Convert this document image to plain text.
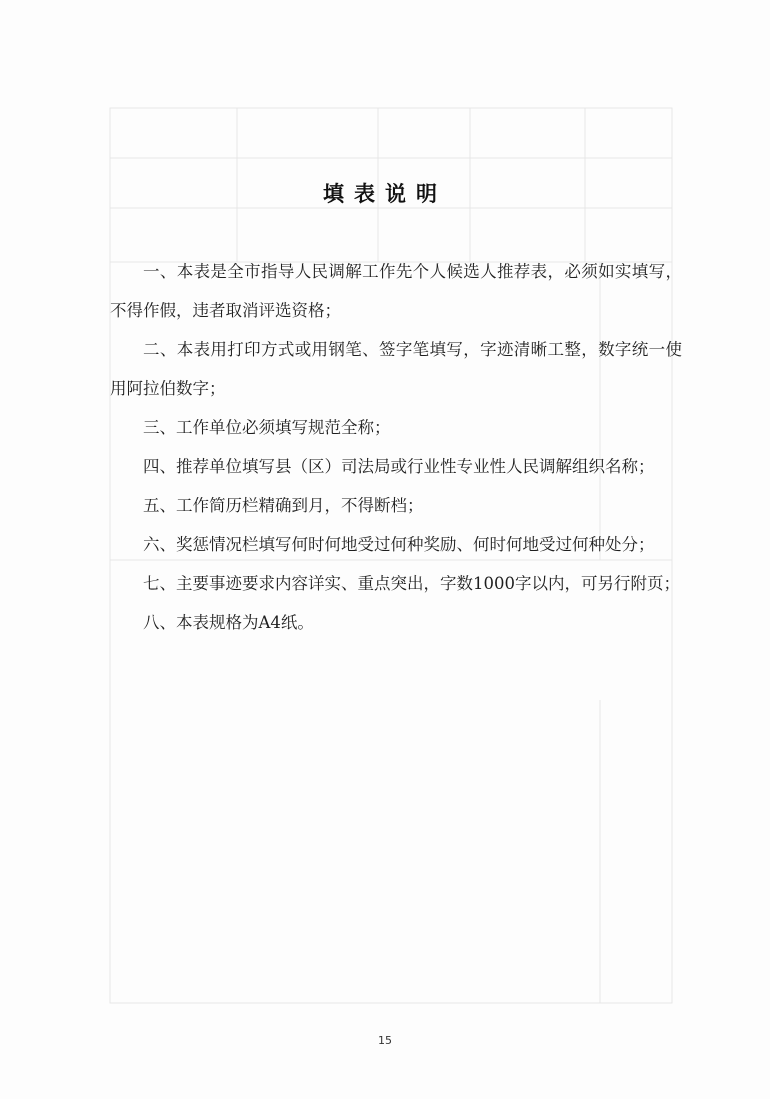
填表说明

一、本表是全市指导人民调解工作先个人候选人推荐表，必须如实填写，不得作假，违者取消评选资格；

二、本表用打印方式或用钢笔、签字笔填写，字迹清晰工整，数字统一使用阿拉伯数字；

三、工作单位必须填写规范全称；

四、推荐单位填写县（区）司法局或行业性专业性人民调解组织名称；

五、工作简历栏精确到月，不得断档；

六、奖惩情况栏填写何时何地受过何种奖励、何时何地受过何种处分；

七、主要事迹要求内容详实、重点突出，字数1000字以内，可另行附页；

八、本表规格为A4纸。

15
